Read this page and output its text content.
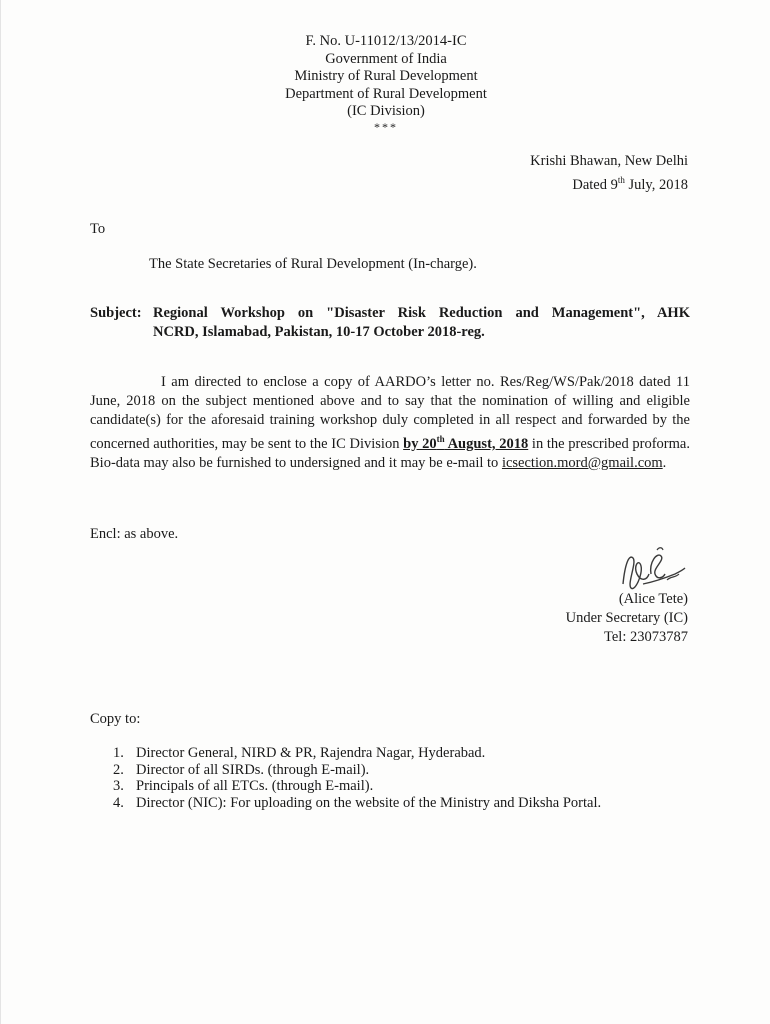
F. No. U-11012/13/2014-IC
Government of India
Ministry of Rural Development
Department of Rural Development
(IC Division)
***
Krishi Bhawan, New Delhi
Dated 9th July, 2018
To
The State Secretaries of Rural Development (In-charge).
Subject: Regional Workshop on "Disaster Risk Reduction and Management", AHK
NCRD, Islamabad, Pakistan, 10-17 October 2018-reg.

I am directed to enclose a copy of AARDO’s letter no. Res/Reg/WS/Pak/2018 dated 11 June, 2018 on the subject mentioned above and to say that the nomination of willing and eligible candidate(s) for the aforesaid training workshop duly completed in all respect and forwarded by the concerned authorities, may be sent to the IC Division by 20th August, 2018 in the prescribed proforma. Bio-data may also be furnished to undersigned and it may be e-mail to icsection.mord@gmail.com.

Encl: as above.
(Alice Tete)
Under Secretary (IC)
Tel: 23073787
Copy to:
1. Director General, NIRD & PR, Rajendra Nagar, Hyderabad.
2. Director of all SIRDs. (through E-mail).
3. Principals of all ETCs. (through E-mail).
4. Director (NIC): For uploading on the website of the Ministry and Diksha Portal.
